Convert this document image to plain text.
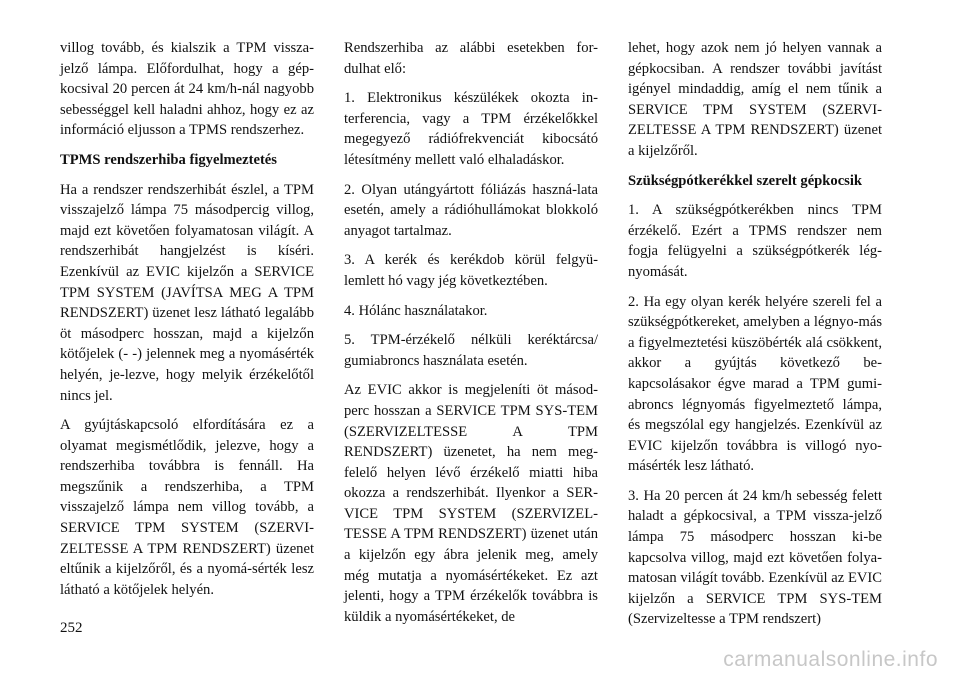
villog tovább, és kialszik a TPM vissza-jelző lámpa. Előfordulhat, hogy a gép-kocsival 20 percen át 24 km/h-nál nagyobb sebességgel kell haladni ahhoz, hogy ez az információ eljusson a TPMS rendszerhez.

TPMS rendszerhiba figyelmeztetés

Ha a rendszer rendszerhibát észlel, a TPM visszajelző lámpa 75 másodpercig villog, majd ezt követően folyamatosan világít. A rendszerhibát hangjelzést is kíséri. Ezenkívül az EVIC kijelzőn a SERVICE TPM SYSTEM (JAVÍTSA MEG A TPM RENDSZERT) üzenet lesz látható legalább öt másodperc hosszan, majd a kijelzőn kötőjelek (- -) jelennek meg a nyomásérték helyén, je-lezve, hogy melyik érzékelőtől nincs jel.

A gyújtáskapcsoló elfordítására ez a olyamat megismétlődik, jelezve, hogy a rendszerhiba továbbra is fennáll. Ha megszűnik a rendszerhiba, a TPM visszajelző lámpa nem villog tovább, a SERVICE TPM SYSTEM (SZERVI-ZELTESSE A TPM RENDSZERT) üzenet eltűnik a kijelzőről, és a nyomá-sérték lesz látható a kötőjelek helyén.

Rendszerhiba az alábbi esetekben for-dulhat elő:

1. Elektronikus készülékek okozta in-terferencia, vagy a TPM érzékelőkkel megegyező rádiófrekvenciát kibocsátó létesítmény mellett való elhaladáskor.

2. Olyan utángyártott fóliázás haszná-lata esetén, amely a rádióhullámokat blokkoló anyagot tartalmaz.

3. A kerék és kerékdob körül felgyü-lemlett hó vagy jég következtében.

4. Hólánc használatakor.

5. TPM-érzékelő nélküli keréktárcsa/ gumiabroncs használata esetén.

Az EVIC akkor is megjeleníti öt másod-perc hosszan a SERVICE TPM SYS-TEM (SZERVIZELTESSE A TPM RENDSZERT) üzenetet, ha nem meg-felelő helyen lévő érzékelő miatti hiba okozza a rendszerhibát. Ilyenkor a SER-VICE TPM SYSTEM (SZERVIZEL-TESSE A TPM RENDSZERT) üzenet után a kijelzőn egy ábra jelenik meg, amely még mutatja a nyomásértékeket. Ez azt jelenti, hogy a TPM érzékelők továbbra is küldik a nyomásértékeket, de

lehet, hogy azok nem jó helyen vannak a gépkocsiban. A rendszer további javítást igényel mindaddig, amíg el nem tűnik a SERVICE TPM SYSTEM (SZERVI-ZELTESSE A TPM RENDSZERT) üzenet a kijelzőről.

Szükségpótkerékkel szerelt gépkocsik

1. A szükségpótkerékben nincs TPM érzékelő. Ezért a TPMS rendszer nem fogja felügyelni a szükségpótkerék lég-nyomását.

2. Ha egy olyan kerék helyére szereli fel a szükségpótkereket, amelyben a légnyo-más a figyelmeztetési küszöbérték alá csökkent, akkor a gyújtás következő be-kapcsolásakor égve marad a TPM gumi-abroncs légnyomás figyelmeztető lámpa, és megszólal egy hangjelzés. Ezenkívül az EVIC kijelzőn továbbra is villogó nyo-másérték lesz látható.

3. Ha 20 percen át 24 km/h sebesség felett haladt a gépkocsival, a TPM vissza-jelző lámpa 75 másodperc hosszan ki-be kapcsolva villog, majd ezt követően folya-matosan világít tovább. Ezenkívül az EVIC kijelzőn a SERVICE TPM SYS-TEM (Szervizeltesse a TPM rendszert)

252
carmanualsonline.info
